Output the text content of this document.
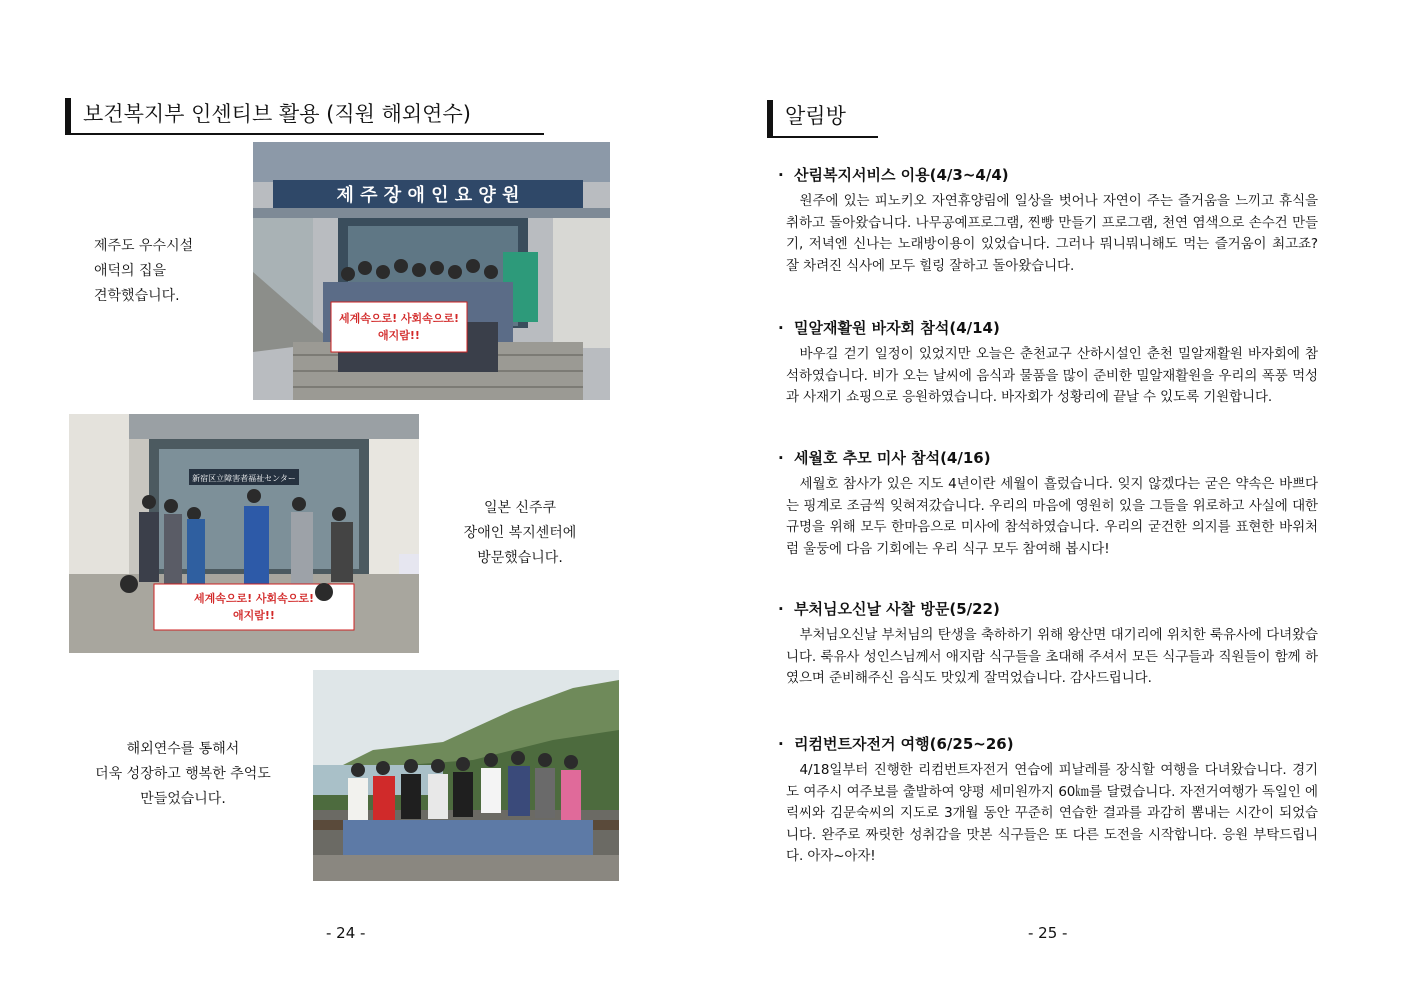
보건복지부 인센티브 활용 (직원 해외연수)
제 주 장 애 인 요 양 원
세계속으로! 사회속으로!
애지람!!
제주도 우수시설
애덕의 집을
견학했습니다.
新宿区立障害者福祉センター
세계속으로! 사회속으로!
애지람!!
일본 신주쿠
장애인 복지센터에
방문했습니다.
해외연수를 통해서
더욱 성장하고 행복한 추억도
만들었습니다.
- 24 -
알림방
· 산림복지서비스 이용(4/3~4/4)
원주에 있는 피노키오 자연휴양림에 일상을 벗어나 자연이 주는 즐거움을 느끼고 휴식을 취하고 돌아왔습니다. 나무공예프로그램, 찐빵 만들기 프로그램, 천연 염색으로 손수건 만들기, 저녁엔 신나는 노래방이용이 있었습니다. 그러나 뭐니뭐니해도 먹는 즐거움이 최고죠? 잘 차려진 식사에 모두 힐링 잘하고 돌아왔습니다.
· 밀알재활원 바자회 참석(4/14)
바우길 걷기 일정이 있었지만 오늘은 춘천교구 산하시설인 춘천 밀알재활원 바자회에 참석하였습니다. 비가 오는 날씨에 음식과 물품을 많이 준비한 밀알재활원을 우리의 폭풍 먹성과 사재기 쇼핑으로 응원하였습니다. 바자회가 성황리에 끝날 수 있도록 기원합니다.
· 세월호 추모 미사 참석(4/16)
세월호 참사가 있은 지도 4년이란 세월이 흘렀습니다. 잊지 않겠다는 굳은 약속은 바쁘다는 핑계로 조금씩 잊혀져갔습니다. 우리의 마음에 영원히 있을 그들을 위로하고 사실에 대한 규명을 위해 모두 한마음으로 미사에 참석하였습니다. 우리의 굳건한 의지를 표현한 바위처럼 울둥에 다음 기회에는 우리 식구 모두 참여해 봅시다!
· 부처님오신날 사찰 방문(5/22)
부처님오신날 부처님의 탄생을 축하하기 위해 왕산면 대기리에 위치한 룩유사에 다녀왔습니다. 룩유사 성인스님께서 애지람 식구들을 초대해 주셔서 모든 식구들과 직원들이 함께 하였으며 준비해주신 음식도 맛있게 잘먹었습니다. 감사드립니다.
· 리컴번트자전거 여행(6/25~26)
4/18일부터 진행한 리컴번트자전거 연습에 피날레를 장식할 여행을 다녀왔습니다. 경기도 여주시 여주보를 출발하여 양평 세미원까지 60㎞를 달렸습니다. 자전거여행가 독일인 에릭씨와 김문숙씨의 지도로 3개월 동안 꾸준히 연습한 결과를 과감히 뽐내는 시간이 되었습니다. 완주로 짜릿한 성취감을 맛본 식구들은 또 다른 도전을 시작합니다. 응원 부탁드립니다. 아자~아자!
- 25 -
